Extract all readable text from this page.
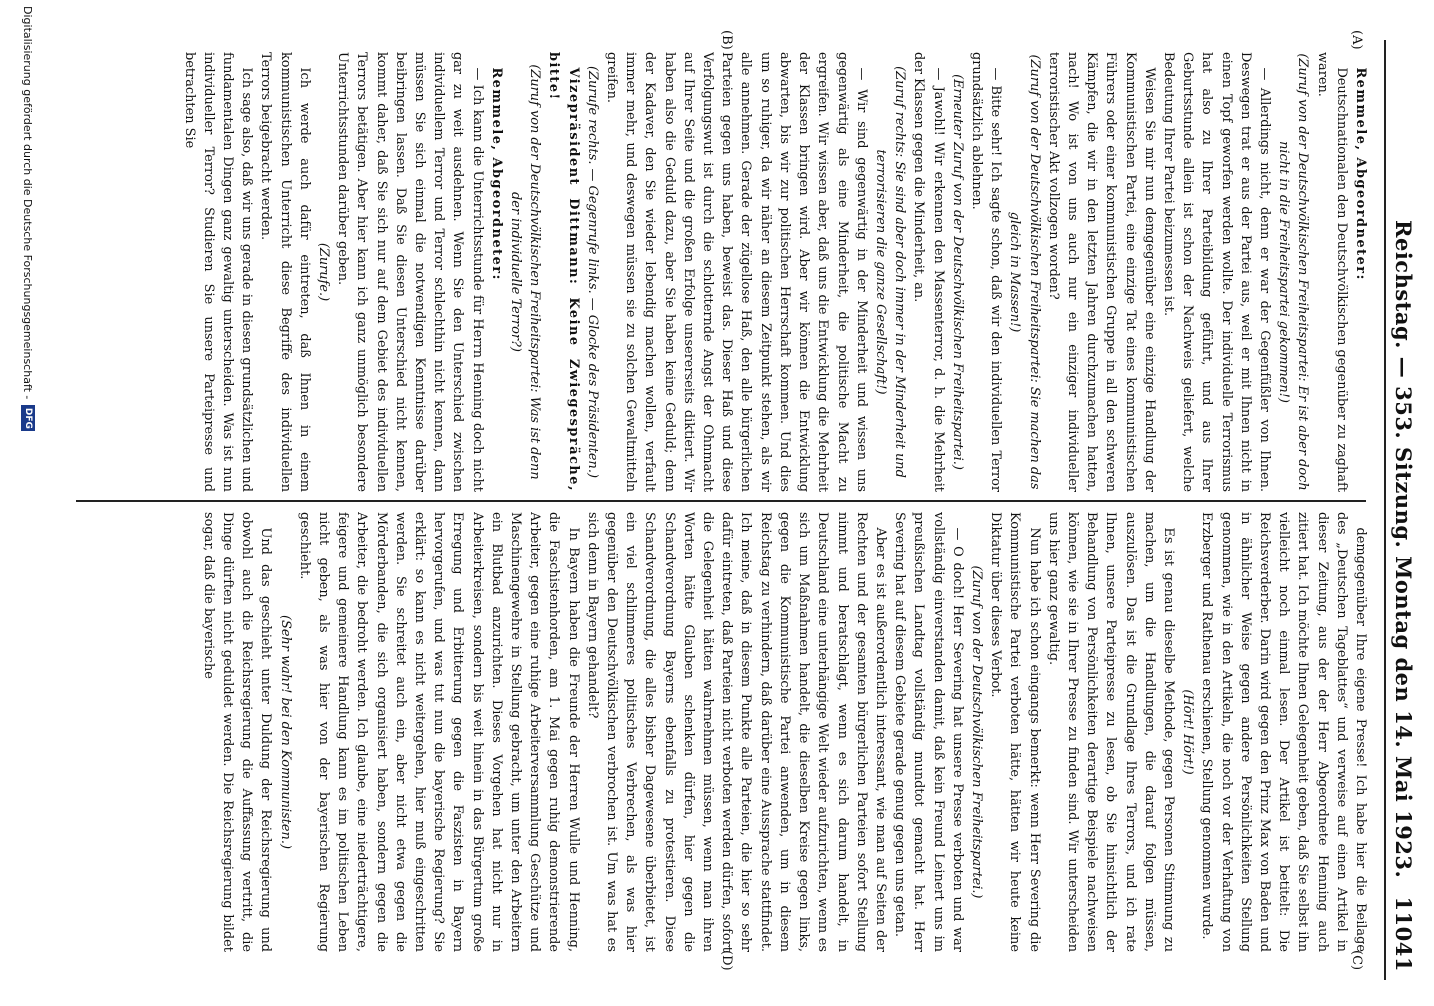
Reichstag. — 353. Sitzung. Montag den 14. Mai 1923.
11041
(A)
(B)
(C)
(D)

Remmele, Abgeordneter:

Deutschnationalen den Deutschvölkischen gegenüber zu zaghaft waren.

(Zuruf von der Deutschvölkischen Freiheitspartei: Er ist aber doch nicht in die Freiheitspartei gekommen!)

— Allerdings nicht, denn er war der Gegenfüßler von Ihnen. Deswegen trat er aus der Partei aus, weil er mit Ihnen nicht in einen Topf geworfen werden wollte. Der individuelle Terrorismus hat also zu Ihrer Parteibildung geführt, und aus Ihrer Geburtsstunde allein ist schon der Nachweis geliefert, welche Bedeutung Ihrer Partei beizumessen ist.

Weisen Sie mir nun demgegenüber eine einzige Handlung der Kommunistischen Partei, eine einzige Tat eines kommunistischen Führers oder einer kommunistischen Gruppe in all den schweren Kämpfen, die wir in den letzten Jahren durchzumachen hatten, nach! Wo ist von uns auch nur ein einziger individueller terroristischer Akt vollzogen worden?

(Zuruf von der Deutschvölkischen Freiheitspartei: Sie machen das gleich in Massen!)

— Bitte sehr! Ich sagte schon, daß wir den individuellen Terror grundsätzlich ablehnen.

(Erneuter Zuruf von der Deutschvölkischen Freiheitspartei.)

— Jawohl! Wir erkennen den Massenterror, d. h. die Mehrheit der Klassen gegen die Minderheit, an.

(Zuruf rechts: Sie sind aber doch immer in der Minderheit und terrorisieren die ganze Gesellschaft!)

— Wir sind gegenwärtig in der Minderheit und wissen uns gegenwärtig als eine Minderheit, die politische Macht zu ergreifen. Wir wissen aber, daß uns die Entwicklung die Mehrheit der Klassen bringen wird. Aber wir können die Entwicklung abwarten, bis wir zur politischen Herrschaft kommen. Und dies um so ruhiger, da wir näher an diesem Zeitpunkt stehen, als wir alle annehmen. Gerade der zügellose Haß, den alle bürgerlichen Parteien gegen uns haben, beweist das. Dieser Haß und diese Verfolgungswut ist durch die schlotternde Angst der Ohnmacht auf Ihrer Seite und die großen Erfolge unsererseits diktiert. Wir haben also die Geduld dazu, aber Sie haben keine Geduld; denn der Kadaver, den Sie wieder lebendig machen wollen, verfault immer mehr, und deswegen müssen sie zu solchen Gewaltmitteln greifen.

(Zurufe rechts. — Gegenrufe links. — Glocke des Präsidenten.)

Vizepräsident Dittmann: Keine Zwiegespräche, bitte!

(Zuruf von der Deutschvölkischen Freiheitspartei: Was ist denn der individuelle Terror?)

Remmele, Abgeordneter:

— Ich kann die Unterrichtsstunde für Herrn Henning doch nicht gar zu weit ausdehnen. Wenn Sie den Unterschied zwischen individuellem Terror und Terror schlechthin nicht kennen, dann müssen Sie sich einmal die notwendigen Kenntnisse darüber beibringen lassen. Daß Sie diesen Unterschied nicht kennen, kommt daher, daß Sie sich nur auf dem Gebiet des individuellen Terrors betätigen. Aber hier kann ich ganz unmöglich besondere Unterrichtsstunden darüber geben.

(Zurufe.)

Ich werde auch dafür eintreten, daß Ihnen in einem kommunistischen Unterricht diese Begriffe des individuellen Terrors beigebracht werden.

Ich sage also, daß wir uns gerade in diesen grundsätzlichen und fundamentalen Dingen ganz gewaltig unterscheiden. Was ist nun individueller Terror? Studieren Sie unsere Parteipresse und betrachten Sie

demgegenüber Ihre eigene Presse! Ich habe hier die Beilage des „Deutschen Tageblattes“ und verweise auf einen Artikel in dieser Zeitung, aus der der Herr Abgeordnete Henning auch zitiert hat. Ich möchte Ihnen Gelegenheit geben, daß Sie selbst ihn vielleicht noch einmal lesen. Der Artikel ist betitelt: Die Reichsverderber. Darin wird gegen den Prinz Max von Baden und in ähnlicher Weise gegen andere Persönlichkeiten Stellung genommen, wie in den Artikeln, die noch vor der Verhaftung von Erzberger und Rathenau erschienen, Stellung genommen wurde.

(Hört! Hört!)

Es ist genau dieselbe Methode, gegen Personen Stimmung zu machen, um die Handlungen, die darauf folgen müssen, auszulösen. Das ist die Grundlage Ihres Terrors, und ich rate Ihnen, unsere Parteipresse zu lesen, ob Sie hinsichtlich der Behandlung von Persönlichkeiten derartige Beispiele nachweisen können, wie sie in Ihrer Presse zu finden sind. Wir unterscheiden uns hier ganz gewaltig.

Nun habe ich schon eingangs bemerkt: wenn Herr Severing die Kommunistische Partei verboten hätte, hätten wir heute keine Diktatur über dieses Verbot.

(Zuruf von der Deutschvölkischen Freiheitspartei.)

— O doch! Herr Severing hat unsere Presse verboten und war vollständig einverstanden damit, daß kein Freund Leinert uns im preußischen Landtag vollständig mundtot gemacht hat. Herr Severing hat auf diesem Gebiete gerade genug gegen uns getan.

Aber es ist außerordentlich interessant, wie man auf Seiten der Rechten und der gesamten bürgerlichen Parteien sofort Stellung nimmt und beratschlagt, wenn es sich darum handelt, in Deutschland eine unterhängige Welt wieder aufzurichten, wenn es sich um Maßnahmen handelt, die dieselben Kreise gegen links, gegen die Kommunistische Partei anwenden, um in diesem Reichstag zu verhindern, daß darüber eine Aussprache stattfindet. Ich meine, daß in diesem Punkte alle Parteien, die hier so sehr dafür eintreten, daß Parteien nicht verboten werden dürfen, sofort die Gelegenheit hätten wahrnehmen müssen, wenn man ihren Worten hätte Glauben schenken dürfen, hier gegen die Schandverordnung Bayerns ebenfalls zu protestieren. Diese Schandverordnung, die alles bisher Dagewesene überbietet, ist ein viel schlimmeres politisches Verbrechen, als was hier gegenüber den Deutschvölkischen verbrochen ist. Um was hat es sich denn in Bayern gehandelt?

In Bayern haben die Freunde der Herren Wulle und Henning, die Faschistenhorden, am 1. Mai gegen ruhig demonstrierende Arbeiter, gegen eine ruhige Arbeiterversammlung Geschütze und Maschinengewehre in Stellung gebracht, um unter den Arbeitern ein Blutbad anzurichten. Dieses Vorgehen hat nicht nur in Arbeiterkreisen, sondern bis weit hinein in das Bürgertum große Erregung und Erbitterung gegen die Faszisten in Bayern hervorgerufen, und was tut nun die bayerische Regierung? Sie erklärt: so kann es nicht weitergehen, hier muß eingeschritten werden. Sie schreitet auch ein, aber nicht etwa gegen die Mörderbanden, die sich organisiert haben, sondern gegen die Arbeiter, die bedroht werden. Ich glaube, eine niederträchtigere, feigere und gemeinere Handlung kann es im politischen Leben nicht geben, als was hier von der bayerischen Regierung geschieht.

(Sehr wahr! bei den Kommunisten.)

Und das geschieht unter Duldung der Reichsregierung und obwohl auch die Reichsregierung die Auffassung vertritt, die Dinge dürften nicht geduldet werden. Die Reichsregierung bildet sogar, daß die bayerische

Digitalisierung gefördert durch die Deutsche Forschungsgemeinschaft -
DFG
